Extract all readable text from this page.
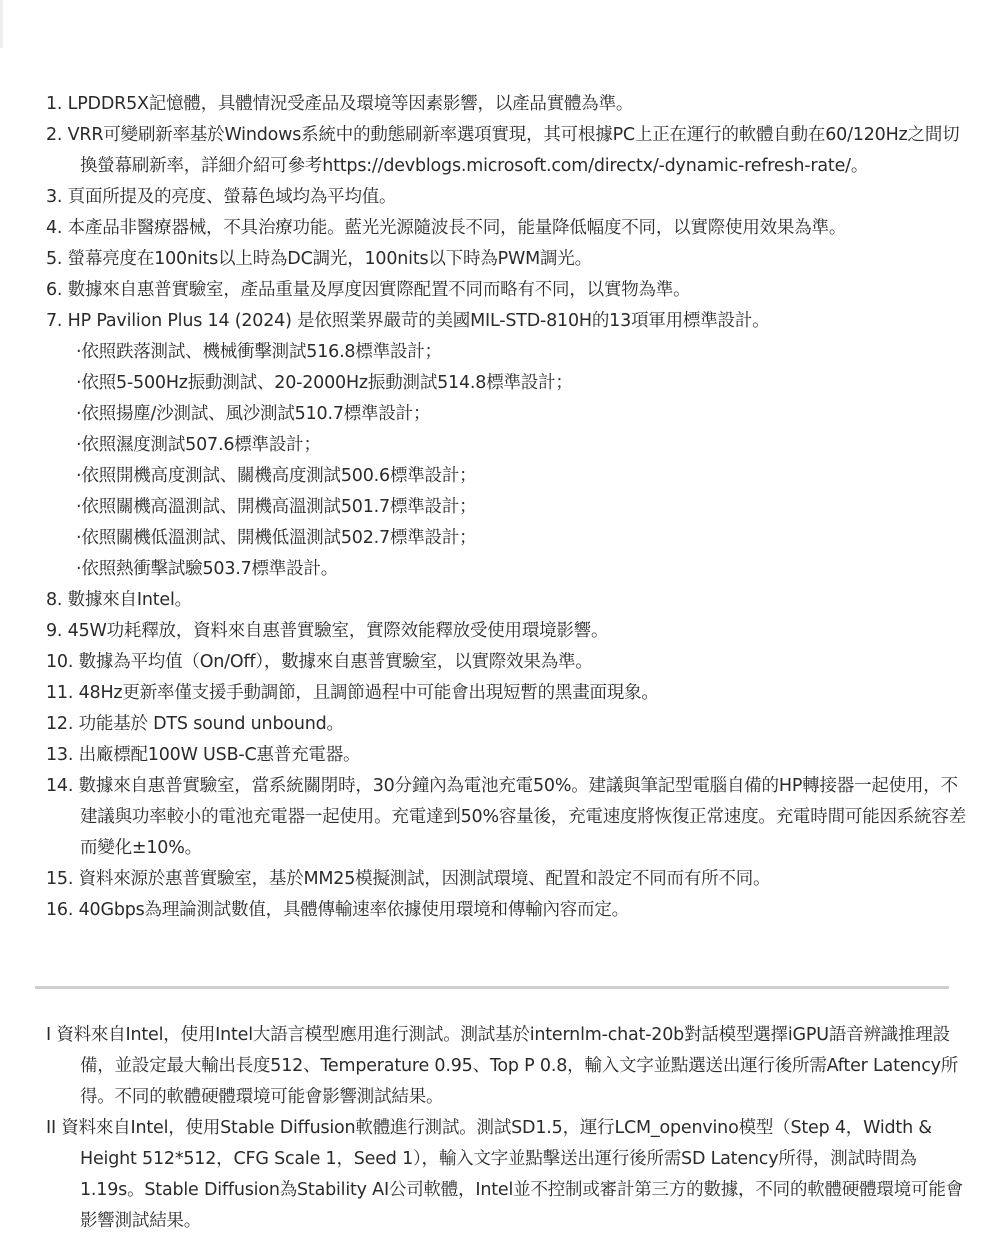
1. LPDDR5X記憶體，具體情況受產品及環境等因素影響，以產品實體為準。
2. VRR可變刷新率基於Windows系統中的動態刷新率選項實現，其可根據PC上正在運行的軟體自動在60/120Hz之間切換螢幕刷新率，詳細介紹可參考https://devblogs.microsoft.com/directx/-dynamic-refresh-rate/。
3. 頁面所提及的亮度、螢幕色域均為平均值。
4. 本產品非醫療器械，不具治療功能。藍光光源隨波長不同，能量降低幅度不同，以實際使用效果為準。
5. 螢幕亮度在100nits以上時為DC調光，100nits以下時為PWM調光。
6. 數據來自惠普實驗室，產品重量及厚度因實際配置不同而略有不同，以實物為準。
7. HP Pavilion Plus 14 (2024) 是依照業界嚴苛的美國MIL-STD-810H的13項軍用標準設計。
·依照跌落測試、機械衝擊測試516.8標準設計；
·依照5-500Hz振動測試、20-2000Hz振動測試514.8標準設計；
·依照揚塵/沙測試、風沙測試510.7標準設計；
·依照濕度測試507.6標準設計；
·依照開機高度測試、關機高度測試500.6標準設計；
·依照關機高溫測試、開機高溫測試501.7標準設計；
·依照關機低溫測試、開機低溫測試502.7標準設計；
·依照熱衝擊試驗503.7標準設計。
8. 數據來自Intel。
9. 45W功耗釋放，資料來自惠普實驗室，實際效能釋放受使用環境影響。
10. 數據為平均值（On/Off），數據來自惠普實驗室，以實際效果為準。
11. 48Hz更新率僅支援手動調節，且調節過程中可能會出現短暫的黑畫面現象。
12. 功能基於 DTS sound unbound。
13. 出廠標配100W USB-C惠普充電器。
14. 數據來自惠普實驗室，當系統關閉時，30分鐘內為電池充電50%。建議與筆記型電腦自備的HP轉接器一起使用，不建議與功率較小的電池充電器一起使用。充電達到50%容量後，充電速度將恢復正常速度。充電時間可能因系統容差而變化±10%。
15. 資料來源於惠普實驗室，基於MM25模擬測試，因測試環境、配置和設定不同而有所不同。
16. 40Gbps為理論測試數值，具體傳輸速率依據使用環境和傳輸內容而定。
I 資料來自Intel，使用Intel大語言模型應用進行測試。測試基於internlm-chat-20b對話模型選擇iGPU語音辨識推理設備，並設定最大輸出長度512、Temperature 0.95、Top P 0.8，輸入文字並點選送出運行後所需After Latency所得。不同的軟體硬體環境可能會影響測試結果。
II 資料來自Intel，使用Stable Diffusion軟體進行測試。測試SD1.5，運行LCM_openvino模型（Step 4，Width & Height 512*512，CFG Scale 1，Seed 1），輸入文字並點擊送出運行後所需SD Latency所得，測試時間為1.19s。Stable Diffusion為Stability AI公司軟體，Intel並不控制或審計第三方的數據，不同的軟體硬體環境可能會影響測試結果。
